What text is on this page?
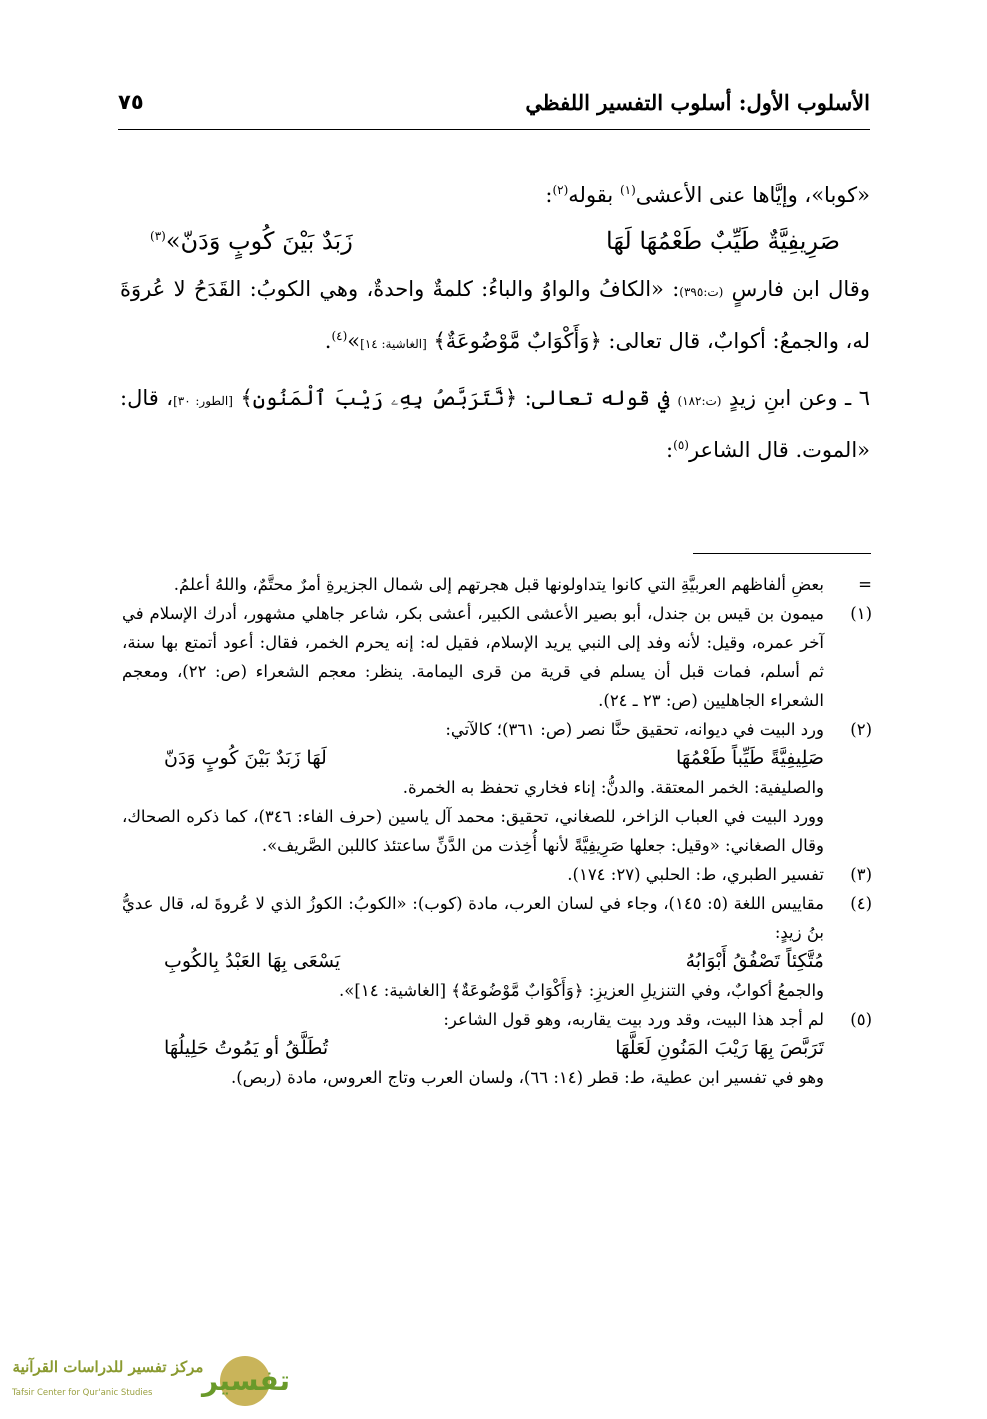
الأسلوب الأول: أسلوب التفسير اللفظي
٧٥

«كوبا»، وإيَّاها عنى الأعشى$^{(١)}$ بقوله$^{(٢)}$:

صَرِيفِيَّةٌ طَيِّبٌ طَعْمُهَا لَهَا
زَبَدٌ بَيْنَ كُوبٍ وَدَنّ»$^{(٣)}$

وقال ابن فارسٍ (ت:٣٩٥): «الكافُ والواوُ والباءُ: كلمةٌ واحدةٌ، وهي الكوبُ: القَدَحُ لا عُروَةَ له، والجمعُ: أكوابٌ، قال تعالى: ﴿وَأَكْوَابٌ مَّوْضُوعَةٌ﴾ [الغاشية: ١٤]»$^{(٤)}$.

٦ ـ وعن ابنِ زيدٍ (ت:١٨٢) في قوله تعالى: ﴿نَّتَرَبَّصُ بِهِۦ رَيْبَ ٱلْمَنُونِ﴾ [الطور: ٣٠]، قال: «الموت. قال الشاعر$^{(٥)}$:

=
بعضِ ألفاظهم العربيَّةِ التي كانوا يتداولونها قبل هجرتهم إلى شمال الجزيرةِ أمرٌ محتَّمٌ، واللهُ أعلمُ.
(١)
ميمون بن قيس بن جندل، أبو بصير الأعشى الكبير، أعشى بكر، شاعر جاهلي مشهور، أدرك الإسلام في آخر عمره، وقيل: لأنه وفد إلى النبي يريد الإسلام، فقيل له: إنه يحرم الخمر، فقال: أعود أتمتع بها سنة، ثم أسلم، فمات قبل أن يسلم في قرية من قرى اليمامة. ينظر: معجم الشعراء (ص: ٢٢)، ومعجم الشعراء الجاهليين (ص: ٢٣ ـ ٢٤).
(٢)
ورد البيت في ديوانه، تحقيق حنَّا نصر (ص: ٣٦١)؛ كالآتي:
صَلِيفِيَّةً طَيِّباً طَعْمُهَا
لَهَا زَبَدٌ بَيْنَ كُوبٍ وَدَنّ
والصليفية: الخمر المعتقة. والدنُّ: إناء فخاري تحفظ به الخمرة.
وورد البيت في العباب الزاخر، للصغاني، تحقيق: محمد آل ياسين (حرف الفاء: ٣٤٦)، كما ذكره الصحاك، وقال الصغاني: «وقيل: جعلها صَرِيفِيَّةً لأنها أُخِذت من الدَّنِّ ساعتئذ كاللبن الصَّريف».
(٣)
تفسير الطبري، ط: الحلبي (٢٧: ١٧٤).
(٤)
مقاييس اللغة (٥: ١٤٥)، وجاء في لسان العرب، مادة (كوب): «الكوبُ: الكوزُ الذي لا عُروةَ له، قال عديُّ بنُ زيدٍ:
مُتَّكِئاً تَصْفُقُ أَبْوَابُهُ
يَسْعَى بِهَا العَبْدُ بِالكُوبِ
والجمعُ أكوابٌ، وفي التنزيلِ العزيزِ: ﴿وَأَكْوَابٌ مَّوْضُوعَةٌ﴾ [الغاشية: ١٤]».
(٥)
لم أجد هذا البيت، وقد ورد بيت يقاربه، وهو قول الشاعر:
تَرَبَّصَ بِهَا رَيْبَ المَنُونِ لَعَلَّهَا
تُطَلَّقُ أو يَمُوتُ حَلِيلُهَا
وهو في تفسير ابن عطية، ط: قطر (١٤: ٦٦)، ولسان العرب وتاج العروس، مادة (ربص).
تفسير
مركز تفسير للدراسات القرآنية
Tafsir Center for Qur'anic Studies
